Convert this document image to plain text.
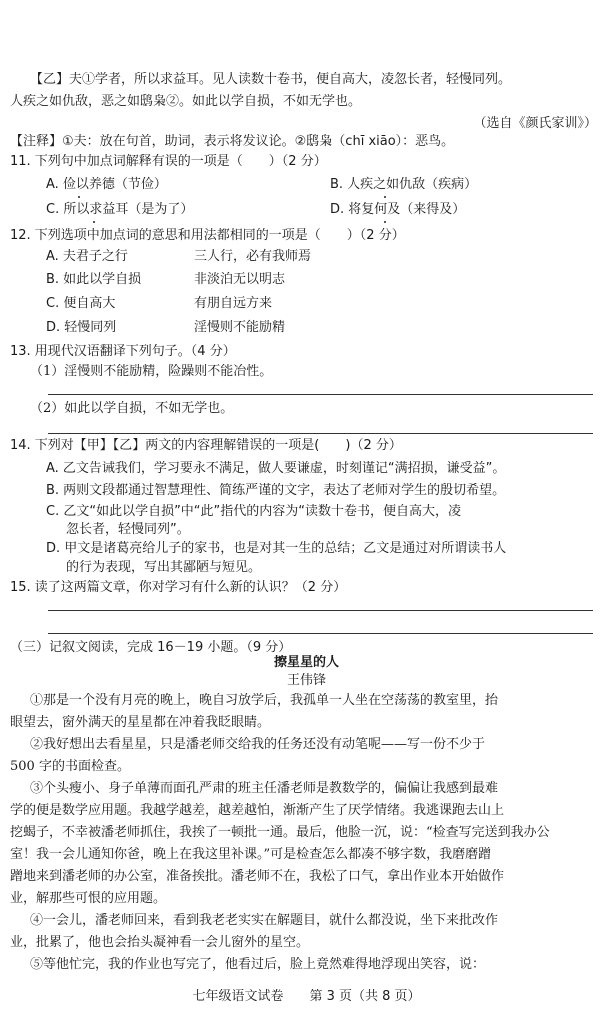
【乙】夫①学者，所以求益耳。见人读数十卷书，便自高大，凌忽长者，轻慢同列。
人疾之如仇敌，恶之如鸱枭②。如此以学自损，不如无学也。
（选自《颜氏家训》）
【注释】①夫：放在句首，助词，表示将发议论。②鸱枭（chī xiāo）：恶鸟。
11. 下列句中加点词解释有误的一项是（　　）（2 分）
A. 俭以养德（节俭）	B. 人疾之如仇敌（疾病）
C. 所以求益耳（是为了）	D. 将复何及（来得及）
12. 下列选项中加点词的意思和用法都相同的一项是（　　）（2 分）
A. 夫君子之行	三人行，必有我师焉
B. 如此以学自损	非淡泊无以明志
C. 便自高大	有朋自远方来
D. 轻慢同列	淫慢则不能励精
13. 用现代汉语翻译下列句子。（4 分）
（1）淫慢则不能励精，险躁则不能冶性。
（2）如此以学自损，不如无学也。
14. 下列对【甲】【乙】两文的内容理解错误的一项是(　　)（2 分）
A. 乙文告诫我们，学习要永不满足，做人要谦虚，时刻谨记“满招损，谦受益”。
B. 两则文段都通过智慧理性、简练严谨的文字，表达了老师对学生的殷切希望。
C. 乙文“如此以学自损”中“此”指代的内容为“读数十卷书，便自高大，凌
忽长者，轻慢同列”。
D. 甲文是诸葛亮给儿子的家书，也是对其一生的总结；乙文是通过对所谓读书人
的行为表现，写出其鄙陋与短见。
15. 读了这两篇文章，你对学习有什么新的认识？（2 分）
（三）记叙文阅读，完成 16－19 小题。（9 分）
擦星星的人
王伟锋
①那是一个没有月亮的晚上，晚自习放学后，我孤单一人坐在空荡荡的教室里，抬
眼望去，窗外满天的星星都在冲着我眨眼睛。
②我好想出去看星星，只是潘老师交给我的任务还没有动笔呢——写一份不少于
500 字的书面检查。
③个头瘦小、身子单薄而面孔严肃的班主任潘老师是教数学的，偏偏让我感到最难
学的便是数学应用题。我越学越差，越差越怕，渐渐产生了厌学情绪。我逃课跑去山上
挖蝎子，不幸被潘老师抓住，我挨了一顿批一通。最后，他脸一沉，说：“检查写完送到我办公
室！我一会儿通知你爸，晚上在我这里补课。”可是检查怎么都凑不够字数，我磨磨蹭
蹭地来到潘老师的办公室，准备挨批。潘老师不在，我松了口气，拿出作业本开始做作
业，解那些可恨的应用题。
④一会儿，潘老师回来，看到我老老实实在解题目，就什么都没说，坐下来批改作
业，批累了，他也会抬头凝神看一会儿窗外的星空。
⑤等他忙完，我的作业也写完了，他看过后，脸上竟然难得地浮现出笑容，说：
七年级语文试卷　　第 3 页（共 8 页）
